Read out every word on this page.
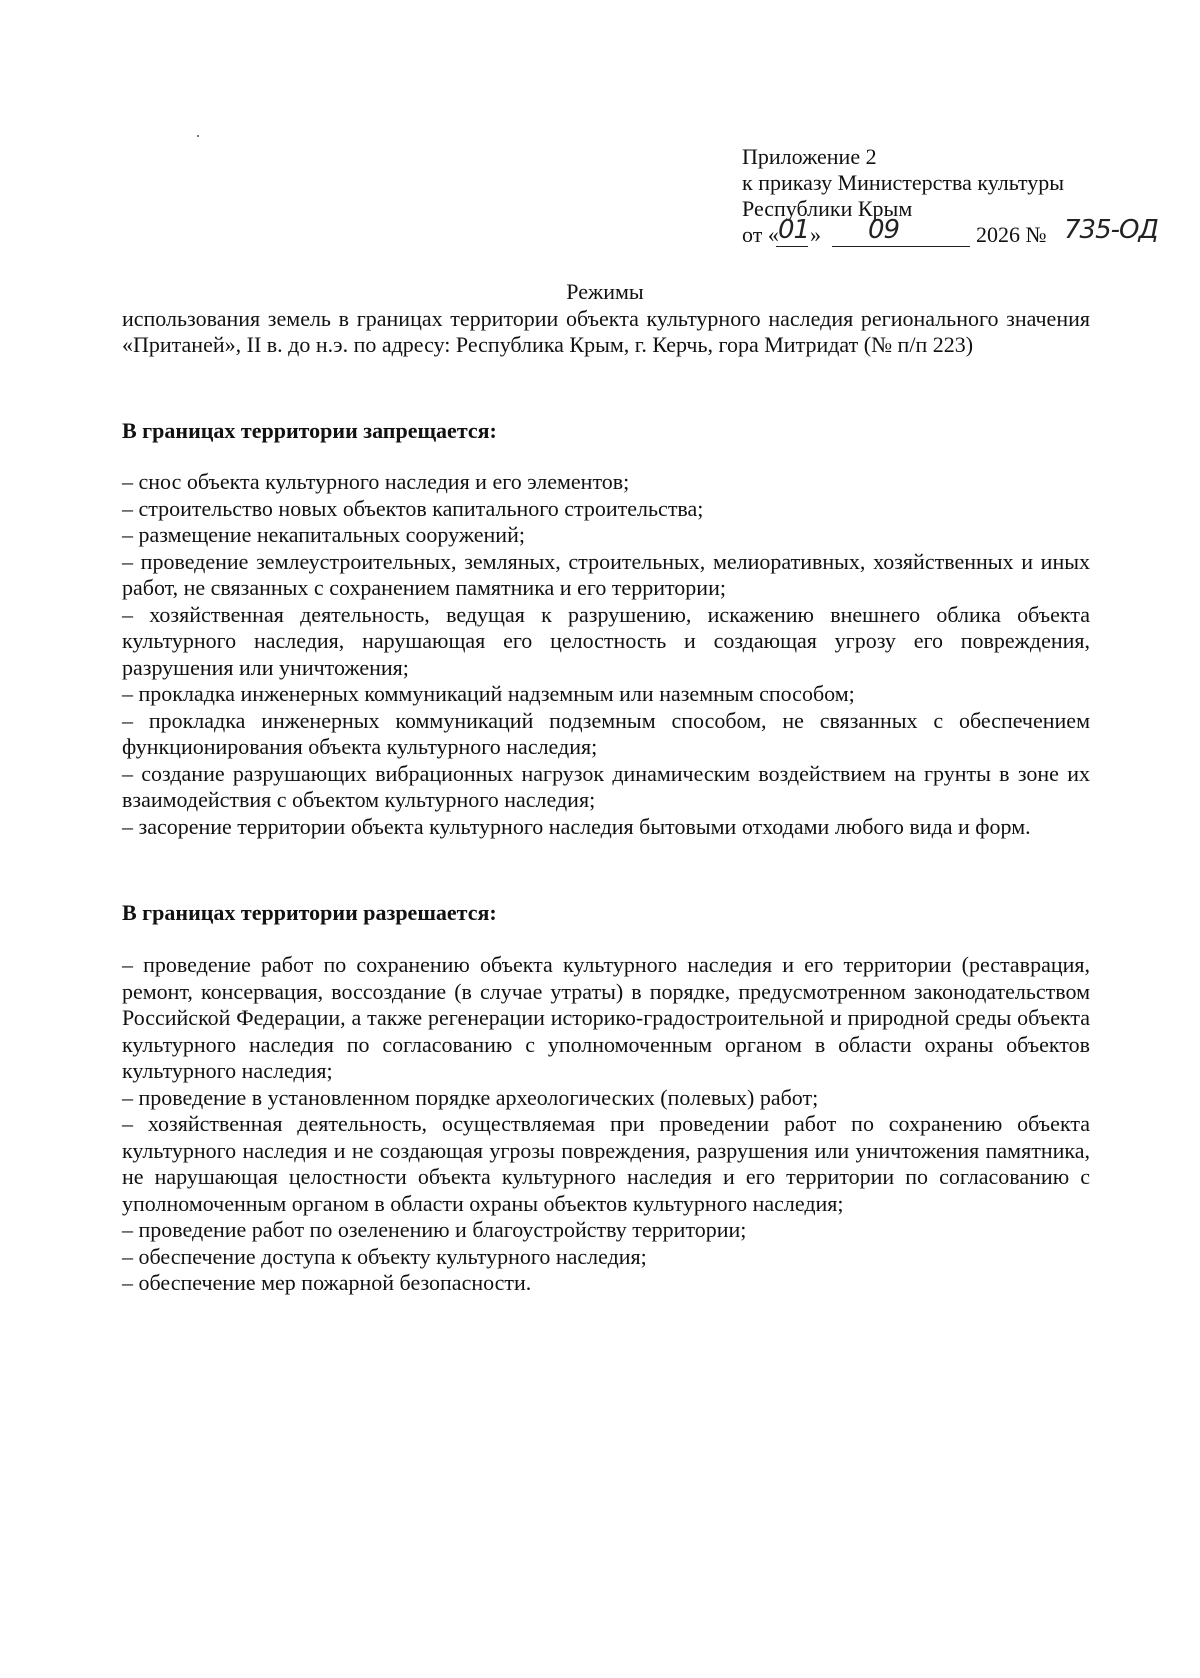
Приложение 2
к приказу Министерства культуры
Республики Крым
от « 01 » 09	2026 № 735-ОД
Режимы
использования земель в границах территории объекта культурного наследия регионального значения «Пританей», II в. до н.э. по адресу: Республика Крым, г. Керчь, гора Митридат (№ п/п 223)
В границах территории запрещается:
– снос объекта культурного наследия и его элементов;
– строительство новых объектов капитального строительства;
– размещение некапитальных сооружений;
– проведение землеустроительных, земляных, строительных, мелиоративных, хозяйственных и иных работ, не связанных с сохранением памятника и его территории;
– хозяйственная деятельность, ведущая к разрушению, искажению внешнего облика объекта культурного наследия, нарушающая его целостность и создающая угрозу его повреждения, разрушения или уничтожения;
– прокладка инженерных коммуникаций надземным или наземным способом;
– прокладка инженерных коммуникаций подземным способом, не связанных с обеспечением функционирования объекта культурного наследия;
– создание разрушающих вибрационных нагрузок динамическим воздействием на грунты в зоне их взаимодействия с объектом культурного наследия;
– засорение территории объекта культурного наследия бытовыми отходами любого вида и форм.
В границах территории разрешается:
– проведение работ по сохранению объекта культурного наследия и его территории (реставрация, ремонт, консервация, воссоздание (в случае утраты) в порядке, предусмотренном законодательством Российской Федерации, а также регенерации историко-градостроительной и природной среды объекта культурного наследия по согласованию с уполномоченным органом в области охраны объектов культурного наследия;
– проведение в установленном порядке археологических (полевых) работ;
– хозяйственная деятельность, осуществляемая при проведении работ по сохранению объекта культурного наследия и не создающая угрозы повреждения, разрушения или уничтожения памятника, не нарушающая целостности объекта культурного наследия и его территории по согласованию с уполномоченным органом в области охраны объектов культурного наследия;
– проведение работ по озеленению и благоустройству территории;
– обеспечение доступа к объекту культурного наследия;
– обеспечение мер пожарной безопасности.
